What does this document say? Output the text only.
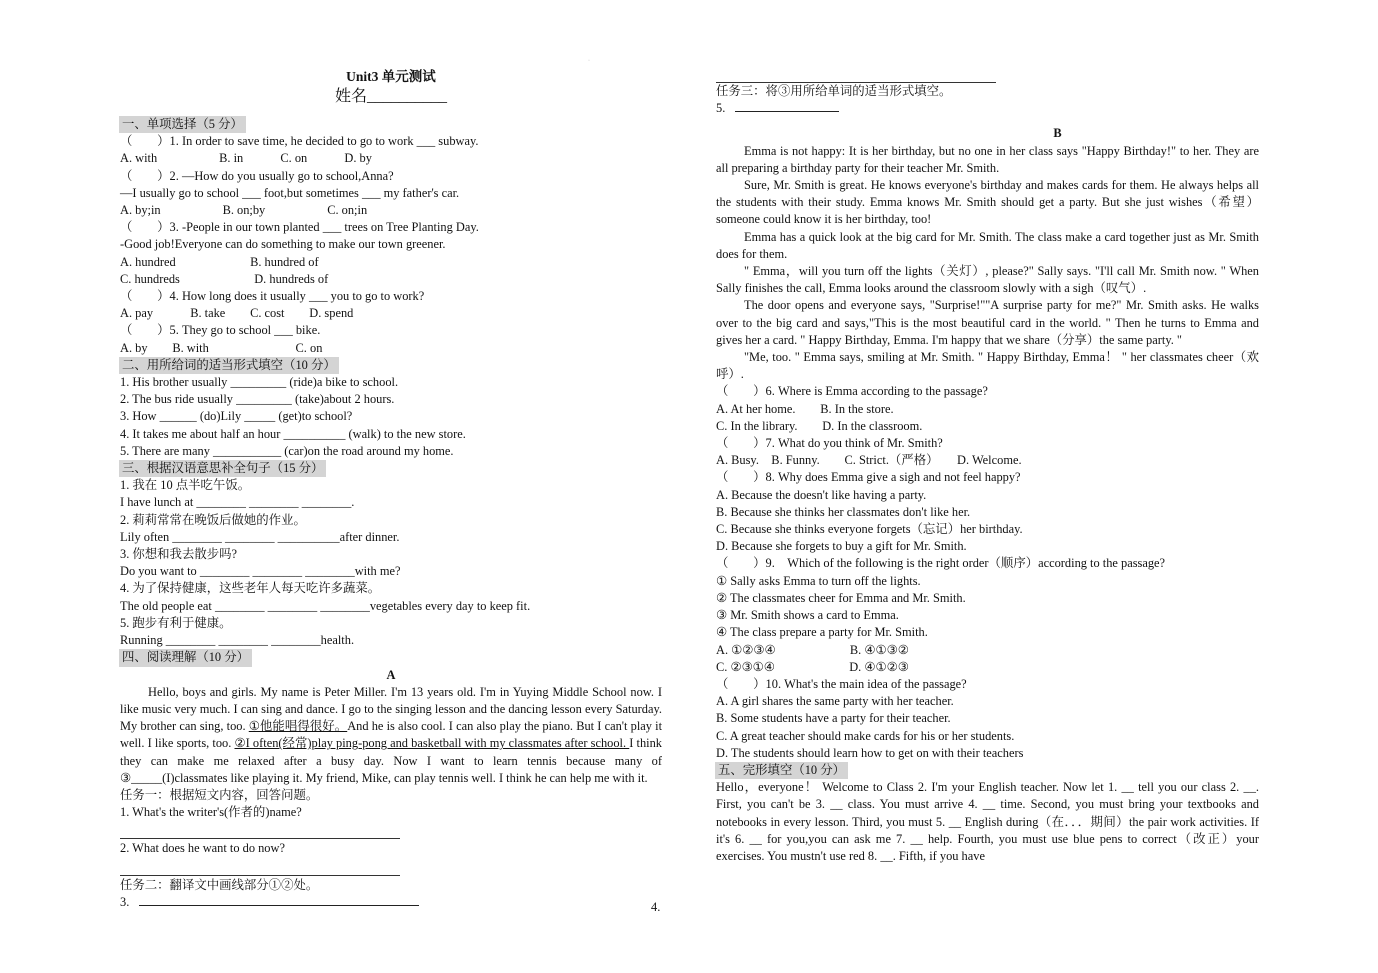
·
Unit3 单元测试
姓名__________
一、单项选择（5 分）
（　　）1. In order to save time, he decided to go to work ___ subway.
A. with　　　　　B. in　　　C. on　　　D. by
（　　）2. —How do you usually go to school,Anna?
—I usually go to school ___ foot,but sometimes ___ my father's car.
A. by;in　　　　　B. on;by　　　　　C. on;in
（　　）3. -People in our town planted ___ trees on Tree Planting Day.
-Good job!Everyone can do something to make our town greener.
A. hundred　　　　　　B. hundred of
C. hundreds　　　　　　D. hundreds of
（　　）4. How long does it usually ___ you to go to work?
A. pay　　　B. take　　C. cost　　D. spend
（　　）5. They go to school ___ bike.
A. by　　B. with　　　　　　　C. on
二、用所给词的适当形式填空（10 分）
1. His brother usually _________ (ride)a bike to school.
2. The bus ride usually _________ (take)about 2 hours.
3. How ______ (do)Lily _____ (get)to school?
4. It takes me about half an hour __________ (walk) to the new store.
5. There are many ___________ (car)on the road around my home.
三、根据汉语意思补全句子（15 分）
1. 我在 10 点半吃午饭。
I have lunch at ________ ________ ________.
2. 莉莉常常在晚饭后做她的作业。
Lily often ________ ________ __________after dinner.
3. 你想和我去散步吗?
Do you want to ________ ________ ________with me?
4. 为了保持健康，这些老年人每天吃许多蔬菜。
The old people eat ________ ________ ________vegetables every day to keep fit.
5. 跑步有利于健康。
Running ________ ________ ________health.
四、阅读理解（10 分）
A
Hello, boys and girls. My name is Peter Miller. I'm 13 years old. I'm in Yuying Middle School now. I like music very much. I can sing and dance. I go to the singing lesson and the dancing lesson every Saturday. My brother can sing, too. ①他能唱得很好。And he is also cool. I can also play the piano. But I can't play it well. I like sports, too. ②I often(经常)play ping-pong and basketball with my classmates after school. I think they can make me relaxed after a busy day. Now I want to learn tennis because many of ③_____(I)classmates like playing it. My friend, Mike, can play tennis well. I think he can help me with it.
任务一：根据短文内容，回答问题。
1. What's the writer's(作者的)name?
2. What does he want to do now?
任务二：翻译文中画线部分①②处。
3.	4.
任务三：将③用所给单词的适当形式填空。
5.
B
Emma is not happy: It is her birthday, but no one in her class says "Happy Birthday!" to her. They are all preparing a birthday party for their teacher Mr. Smith.
Sure, Mr. Smith is great. He knows everyone's birthday and makes cards for them. He always helps all the students with their study. Emma knows Mr. Smith should get a party. But she just wishes（希望）someone could know it is her birthday, too!
Emma has a quick look at the big card for Mr. Smith. The class make a card together just as Mr. Smith does for them.
" Emma，will you turn off the lights（关灯）, please?" Sally says. "I'll call Mr. Smith now. " When Sally finishes the call, Emma looks around the classroom slowly with a sigh（叹气）.
The door opens and everyone says, "Surprise!""A surprise party for me?" Mr. Smith asks. He walks over to the big card and says,"This is the most beautiful card in the world. " Then he turns to Emma and gives her a card. " Happy Birthday, Emma. I'm happy that we share（分享）the same party. "
"Me, too. " Emma says, smiling at Mr. Smith. " Happy Birthday, Emma！ " her classmates cheer（欢呼）.
（　　）6. Where is Emma according to the passage?
A. At her home.　　B. In the store.
C. In the library.　　D. In the classroom.
（　　）7. What do you think of Mr. Smith?
A. Busy.　B. Funny.　　C. Strict.（严格）　　D. Welcome.
（　　）8. Why does Emma give a sigh and not feel happy?
A. Because the doesn't like having a party.
B. Because she thinks her classmates don't like her.
C. Because she thinks everyone forgets（忘记）her birthday.
D. Because she forgets to buy a gift for Mr. Smith.
（　　）9.　Which of the following is the right order（顺序）according to the passage?
① Sally asks Emma to turn off the lights.
② The classmates cheer for Emma and Mr. Smith.
③ Mr. Smith shows a card to Emma.
④ The class prepare a party for Mr. Smith.
A. ①②③④　　　　　　B. ④①③②
C. ②③①④　　　　　　D. ④①②③
（　　）10. What's the main idea of the passage?
A. A girl shares the same party with her teacher.
B. Some students have a party for their teacher.
C. A great teacher should make cards for his or her students.
D. The students should learn how to get on with their teachers
五、完形填空（10 分）
Hello，everyone！ Welcome to Class 2. I'm your English teacher. Now let 1. __ tell you our class 2. __. First, you can't be 3. __ class. You must arrive 4. __ time. Second, you must bring your textbooks and notebooks in every lesson. Third, you must 5. __ English during（在．．．期间）the pair work activities. If it's 6. __ for you,you can ask me 7. __ help. Fourth, you must use blue pens to correct（改正）your exercises. You mustn't use red 8. __. Fifth, if you have
